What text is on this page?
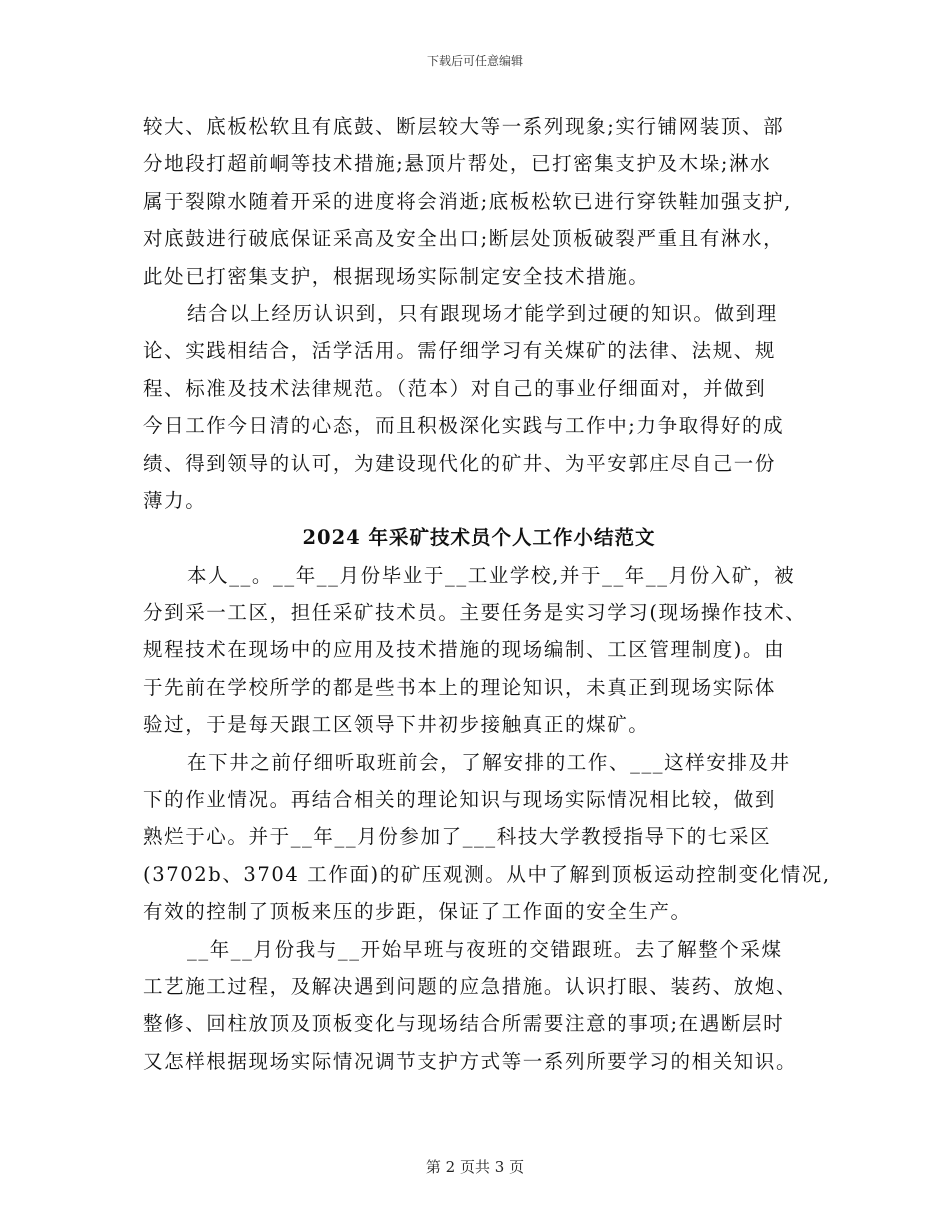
下载后可任意编辑
较大、底板松软且有底鼓、断层较大等一系列现象;实行铺网装顶、部
分地段打超前峒等技术措施;悬顶片帮处，已打密集支护及木垛;淋水
属于裂隙水随着开采的进度将会消逝;底板松软已进行穿铁鞋加强支护,
对底鼓进行破底保证采高及安全出口;断层处顶板破裂严重且有淋水，
此处已打密集支护，根据现场实际制定安全技术措施。
结合以上经历认识到，只有跟现场才能学到过硬的知识。做到理
论、实践相结合，活学活用。需仔细学习有关煤矿的法律、法规、规
程、标准及技术法律规范。（范本）对自己的事业仔细面对，并做到
今日工作今日清的心态，而且积极深化实践与工作中;力争取得好的成
绩、得到领导的认可，为建设现代化的矿井、为平安郭庄尽自己一份
薄力。
2024 年采矿技术员个人工作小结范文
本人__。__年__月份毕业于__工业学校,并于__年__月份入矿，被
分到采一工区，担任采矿技术员。主要任务是实习学习(现场操作技术、
规程技术在现场中的应用及技术措施的现场编制、工区管理制度)。由
于先前在学校所学的都是些书本上的理论知识，未真正到现场实际体
验过，于是每天跟工区领导下井初步接触真正的煤矿。
在下井之前仔细听取班前会，了解安排的工作、___这样安排及井
下的作业情况。再结合相关的理论知识与现场实际情况相比较，做到
熟烂于心。并于__年__月份参加了___科技大学教授指导下的七采区
(3702b、3704 工作面)的矿压观测。从中了解到顶板运动控制变化情况,
有效的控制了顶板来压的步距，保证了工作面的安全生产。
__年__月份我与__开始早班与夜班的交错跟班。去了解整个采煤
工艺施工过程，及解决遇到问题的应急措施。认识打眼、装药、放炮、
整修、回柱放顶及顶板变化与现场结合所需要注意的事项;在遇断层时
又怎样根据现场实际情况调节支护方式等一系列所要学习的相关知识。
第 2 页共 3 页
